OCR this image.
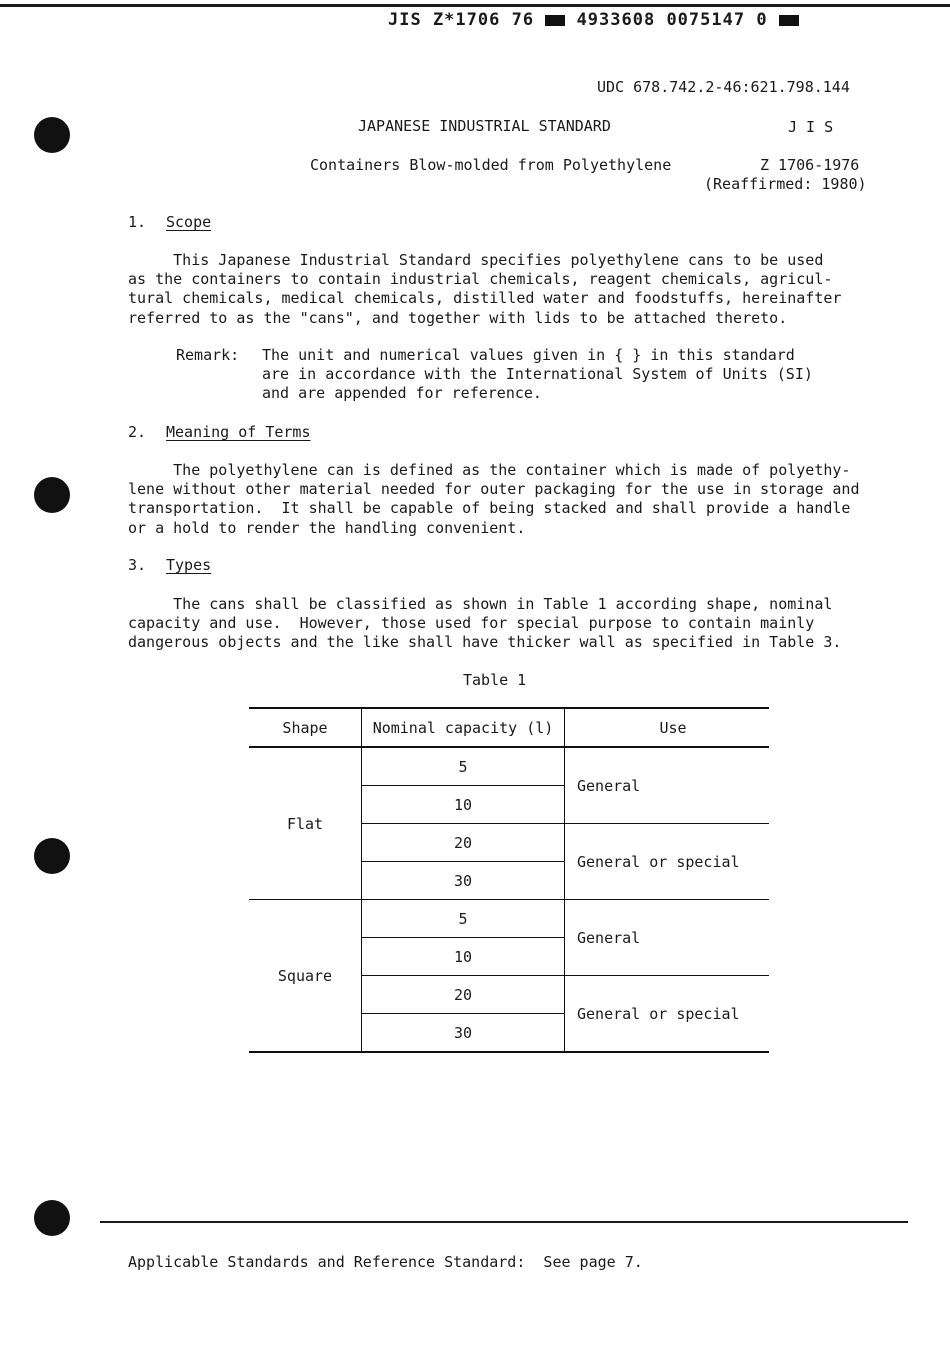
JIS Z*1706 76	4933608 0075147 0
UDC 678.742.2-46:621.798.144
JAPANESE INDUSTRIAL STANDARD	J I S
Containers Blow-molded from Polyethylene	Z 1706-1976
(Reaffirmed: 1980)
1. Scope
This Japanese Industrial Standard specifies polyethylene cans to be used
as the containers to contain industrial chemicals, reagent chemicals, agricul-
tural chemicals, medical chemicals, distilled water and foodstuffs, hereinafter
referred to as the "cans", and together with lids to be attached thereto.
Remark: The unit and numerical values given in { } in this standard
are in accordance with the International System of Units (SI)
and are appended for reference.
2. Meaning of Terms
The polyethylene can is defined as the container which is made of polyethy-
lene without other material needed for outer packaging for the use in storage and
transportation.  It shall be capable of being stacked and shall provide a handle
or a hold to render the handling convenient.
3. Types
The cans shall be classified as shown in Table 1 according shape, nominal
capacity and use.  However, those used for special purpose to contain mainly
dangerous objects and the like shall have thicker wall as specified in Table 3.
Table 1
Shape	Nominal capacity (l)	Use
Flat	5	General
	10	
	20	General or special
	30	
Square	5	General
	10	
	20	General or special
	30	
Applicable Standards and Reference Standard:  See page 7.
